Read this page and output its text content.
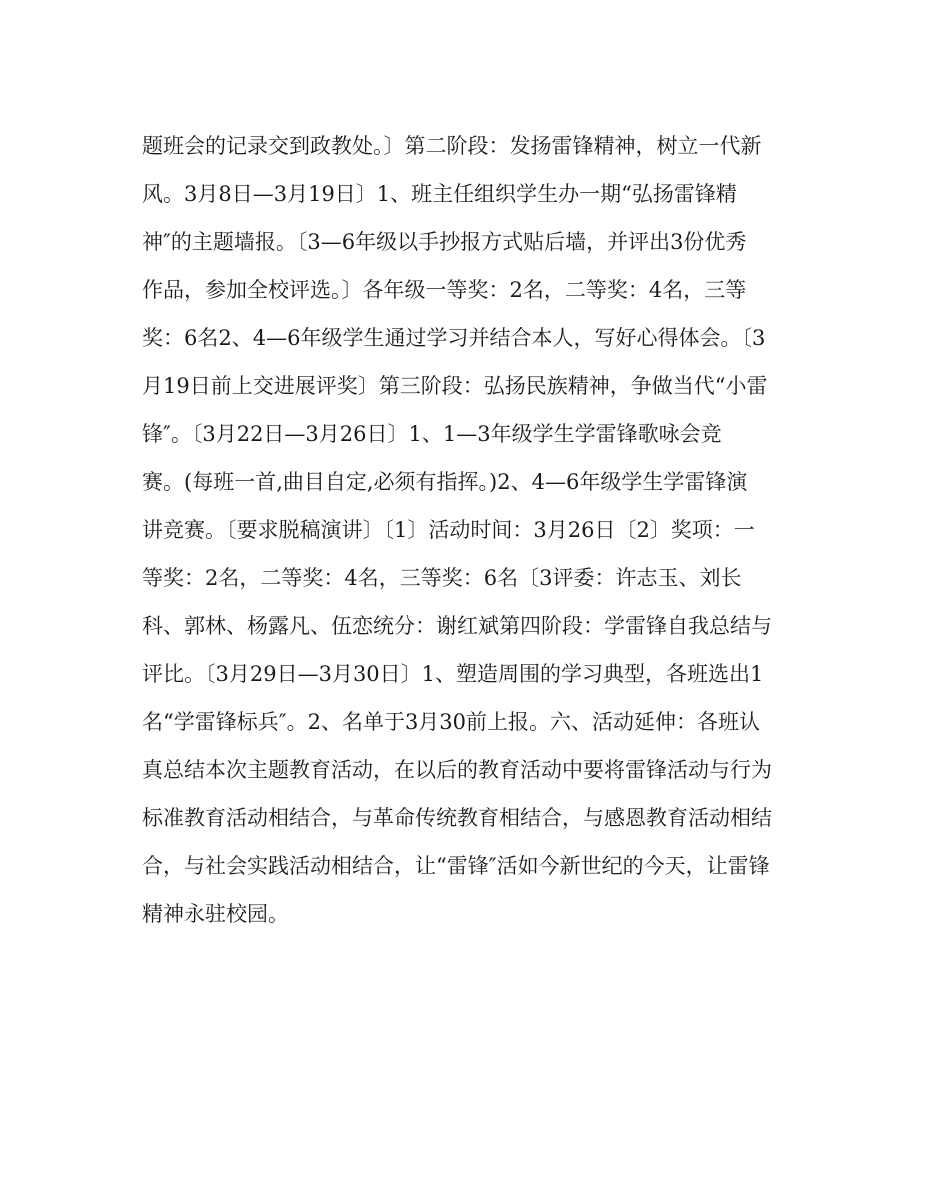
题班会的记录交到政教处。〕第二阶段：发扬雷锋精神，树立一代新
风。3月8日—3月19日〕1、班主任组织学生办一期“弘扬雷锋精
神″的主题墙报。〔3—6年级以手抄报方式贴后墙，并评出3份优秀
作品，参加全校评选。〕各年级一等奖：2名，二等奖：4名，三等
奖：6名2、4—6年级学生通过学习并结合本人，写好心得体会。〔3
月19日前上交进展评奖〕第三阶段：弘扬民族精神，争做当代“小雷
锋″。〔3月22日—3月26日〕1、1—3年级学生学雷锋歌咏会竞
赛。(每班一首,曲目自定,必须有指挥。)2、4—6年级学生学雷锋演
讲竞赛。〔要求脱稿演讲〕〔1〕活动时间：3月26日〔2〕奖项：一
等奖：2名，二等奖：4名，三等奖：6名〔3评委：许志玉、刘长
科、郭林、杨露凡、伍恋统分：谢红斌第四阶段：学雷锋自我总结与
评比。〔3月29日—3月30日〕1、塑造周围的学习典型，各班选出1
名“学雷锋标兵″。2、名单于3月30前上报。六、活动延伸：各班认
真总结本次主题教育活动，在以后的教育活动中要将雷锋活动与行为
标准教育活动相结合，与革命传统教育相结合，与感恩教育活动相结
合，与社会实践活动相结合，让“雷锋″活如今新世纪的今天，让雷锋
精神永驻校园。
